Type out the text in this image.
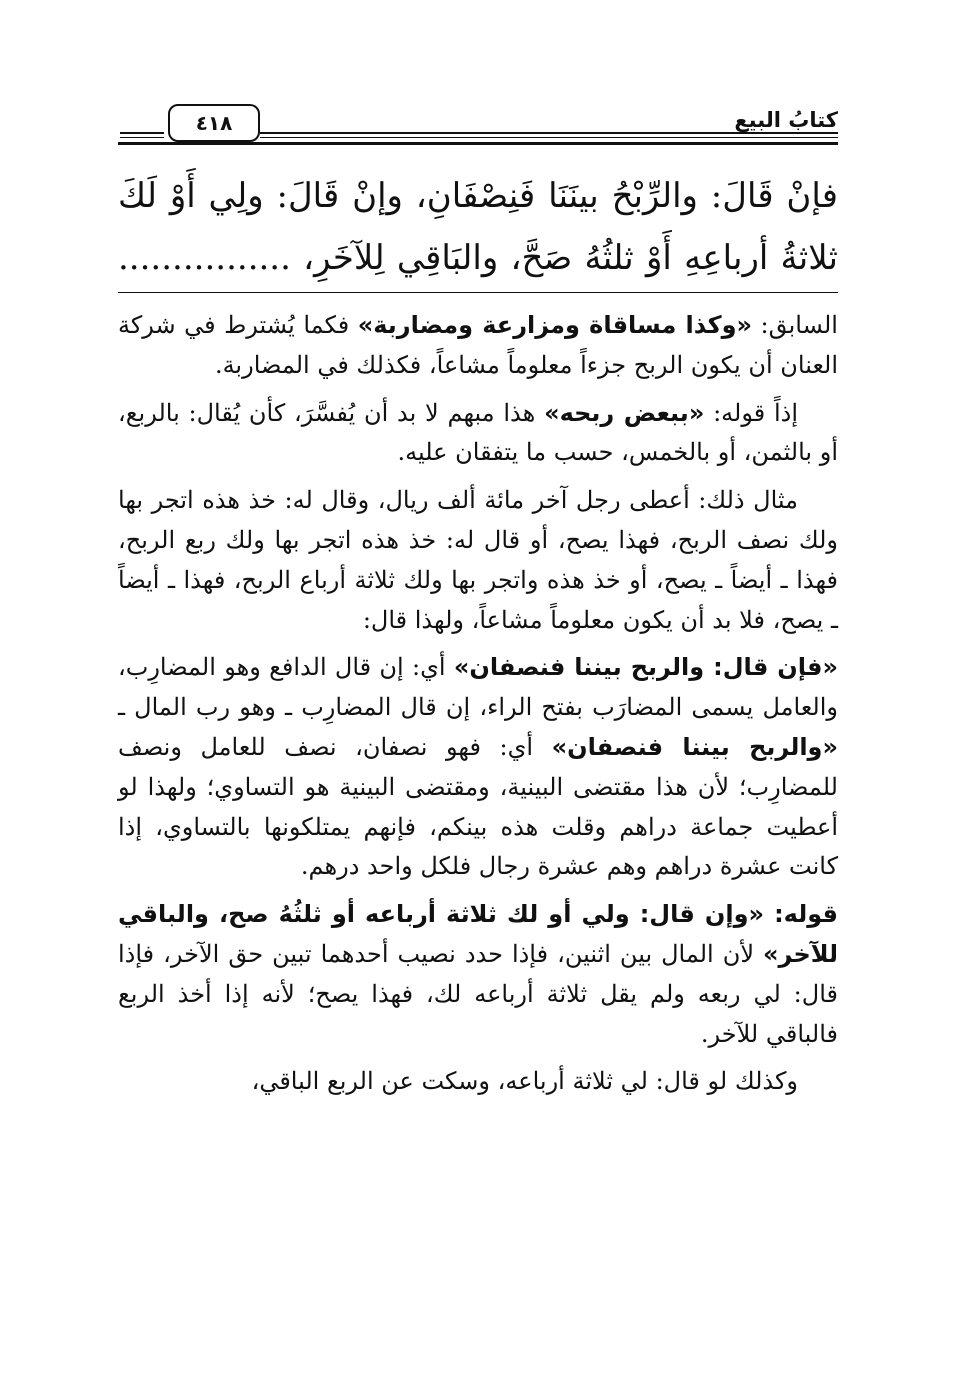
كتابُ البيع
٤١٨
فإنْ قَالَ: والرِّبْحُ بينَنَا فَنِصْفَانِ، وإنْ قَالَ: ولِي أَوْ لَكَ
ثلاثةُ أرباعِهِ أَوْ ثلثُهُ صَحَّ، والبَاقِي لِلآخَرِ، ................

السابق: «وكذا مساقاة ومزارعة ومضاربة» فكما يُشترط في شركة العنان أن يكون الربح جزءاً معلوماً مشاعاً، فكذلك في المضاربة.

إذاً قوله: «ببعض ربحه» هذا مبهم لا بد أن يُفسَّرَ، كأن يُقال: بالربع، أو بالثمن، أو بالخمس، حسب ما يتفقان عليه.

مثال ذلك: أعطى رجل آخر مائة ألف ريال، وقال له: خذ هذه اتجر بها ولك نصف الربح، فهذا يصح، أو قال له: خذ هذه اتجر بها ولك ربع الربح، فهذا ـ أيضاً ـ يصح، أو خذ هذه واتجر بها ولك ثلاثة أرباع الربح، فهذا ـ أيضاً ـ يصح، فلا بد أن يكون معلوماً مشاعاً، ولهذا قال:

«فإن قال: والربح بيننا فنصفان» أي: إن قال الدافع وهو المضارِب، والعامل يسمى المضارَب بفتح الراء، إن قال المضارِب ـ وهو رب المال ـ «والربح بيننا فنصفان» أي: فهو نصفان، نصف للعامل ونصف للمضارِب؛ لأن هذا مقتضى البينية، ومقتضى البينية هو التساوي؛ ولهذا لو أعطيت جماعة دراهم وقلت هذه بينكم، فإنهم يمتلكونها بالتساوي، إذا كانت عشرة دراهم وهم عشرة رجال فلكل واحد درهم.

قوله: «وإن قال: ولي أو لك ثلاثة أرباعه أو ثلثُهُ صح، والباقي للآخر» لأن المال بين اثنين، فإذا حدد نصيب أحدهما تبين حق الآخر، فإذا قال: لي ربعه ولم يقل ثلاثة أرباعه لك، فهذا يصح؛ لأنه إذا أخذ الربع فالباقي للآخر.

وكذلك لو قال: لي ثلاثة أرباعه، وسكت عن الربع الباقي،
